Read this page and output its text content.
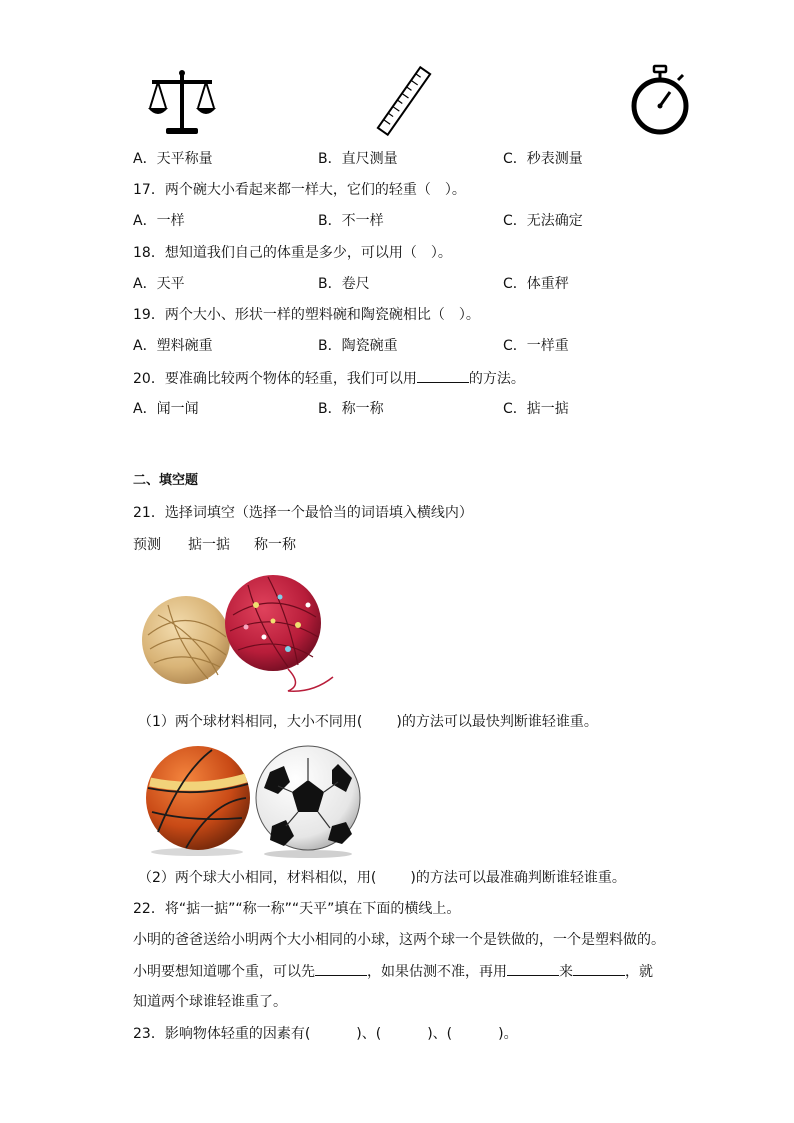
A．天平称量	B．直尺测量	C．秒表测量
17．两个碗大小看起来都一样大，它们的轻重（　）。
A．一样	B．不一样	C．无法确定
18．想知道我们自己的体重是多少，可以用（　）。
A．天平	B．卷尺	C．体重秤
19．两个大小、形状一样的塑料碗和陶瓷碗相比（　）。
A．塑料碗重	B．陶瓷碗重	C．一样重
20．要准确比较两个物体的轻重，我们可以用	的方法。
A．闻一闻	B．称一称	C．掂一掂
二、填空题
21．选择词填空（选择一个最恰当的词语填入横线内）
预测 掂一掂 称一称
（1）两个球材料相同，大小不同用( )的方法可以最快判断谁轻谁重。
（2）两个球大小相同，材料相似，用( )的方法可以最准确判断谁轻谁重。
22．将“掂一掂”“称一称”“天平”填在下面的横线上。
小明的爸爸送给小明两个大小相同的小球，这两个球一个是铁做的，一个是塑料做的。
小明要想知道哪个重，可以先	，如果估测不准，再用	来	，就
知道两个球谁轻谁重了。
23．影响物体轻重的因素有(	)、(	)、(	)。
